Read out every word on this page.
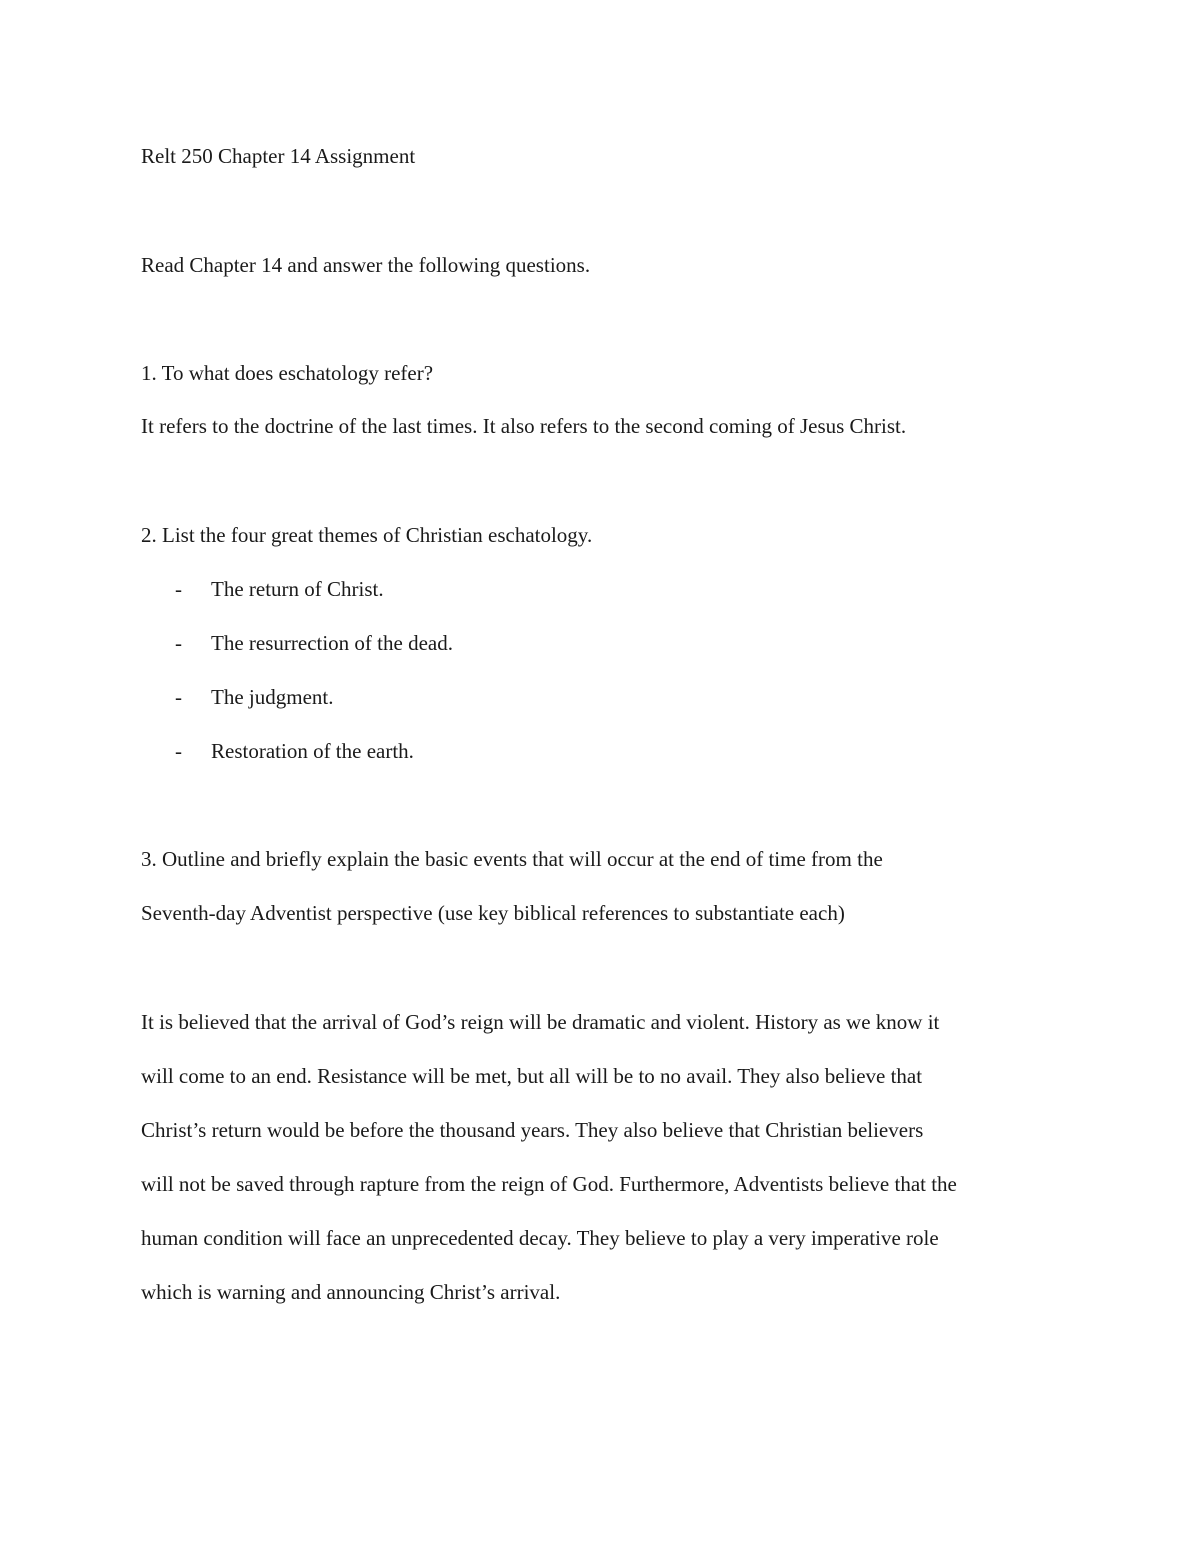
Relt 250 Chapter 14 Assignment
Read Chapter 14 and answer the following questions.
1. To what does eschatology refer?
It refers to the doctrine of the last times. It also refers to the second coming of Jesus Christ.
2. List the four great themes of Christian eschatology.
- The return of Christ.
- The resurrection of the dead.
- The judgment.
- Restoration of the earth.
3. Outline and briefly explain the basic events that will occur at the end of time from the
Seventh-day Adventist perspective (use key biblical references to substantiate each)
It is believed that the arrival of God’s reign will be dramatic and violent. History as we know it
will come to an end. Resistance will be met, but all will be to no avail. They also believe that
Christ’s return would be before the thousand years. They also believe that Christian believers
will not be saved through rapture from the reign of God. Furthermore, Adventists believe that the
human condition will face an unprecedented decay. They believe to play a very imperative role
which is warning and announcing Christ’s arrival.
